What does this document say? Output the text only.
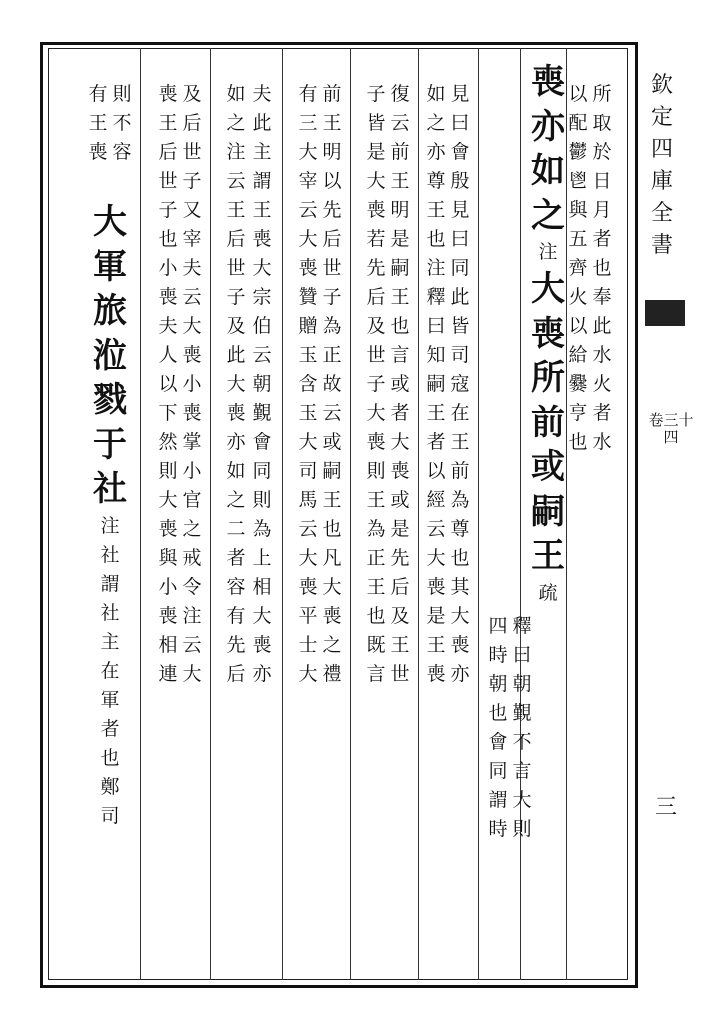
欽
定
四
庫
全
書
卷三十四
三
所
取
於
日
月
者
也
奉
此
水
火
者
水
以
配
鬱
鬯
與
五
齊
火
以
給
爨
亨
也
喪
亦
如
之
注
大
喪
所
前
或
嗣
王
疏
釋
曰
朝
覲
不
言
大
則
四
時
朝
也
會
同
謂
時
見
曰
會
殷
見
曰
同
此
皆
司
寇
在
王
前
為
尊
也
其
大
喪
亦
如
之
亦
尊
王
也
注
釋
曰
知
嗣
王
者
以
經
云
大
喪
是
王
喪
復
云
前
王
明
是
嗣
王
也
言
或
者
大
喪
或
是
先
后
及
王
世
子
皆
是
大
喪
若
先
后
及
世
子
大
喪
則
王
為
正
王
也
既
言
前
王
明
以
先
后
世
子
為
正
故
云
或
嗣
王
也
凡
大
喪
之
禮
有
三
大
宰
云
大
喪
贊
贈
玉
含
玉
大
司
馬
云
大
喪
平
士
大
夫
此
主
謂
王
喪
大
宗
伯
云
朝
覲
會
同
則
為
上
相
大
喪
亦
如
之
注
云
王
后
世
子
及
此
大
喪
亦
如
之
二
者
容
有
先
后
及
后
世
子
又
宰
夫
云
大
喪
小
喪
掌
小
官
之
戒
令
注
云
大
喪
王
后
世
子
也
小
喪
夫
人
以
下
然
則
大
喪
與
小
喪
相
連
則
不
容
有
王
喪
大
軍
旅
涖
戮
于
社
注
社
謂
社
主
在
軍
者
也
鄭
司
